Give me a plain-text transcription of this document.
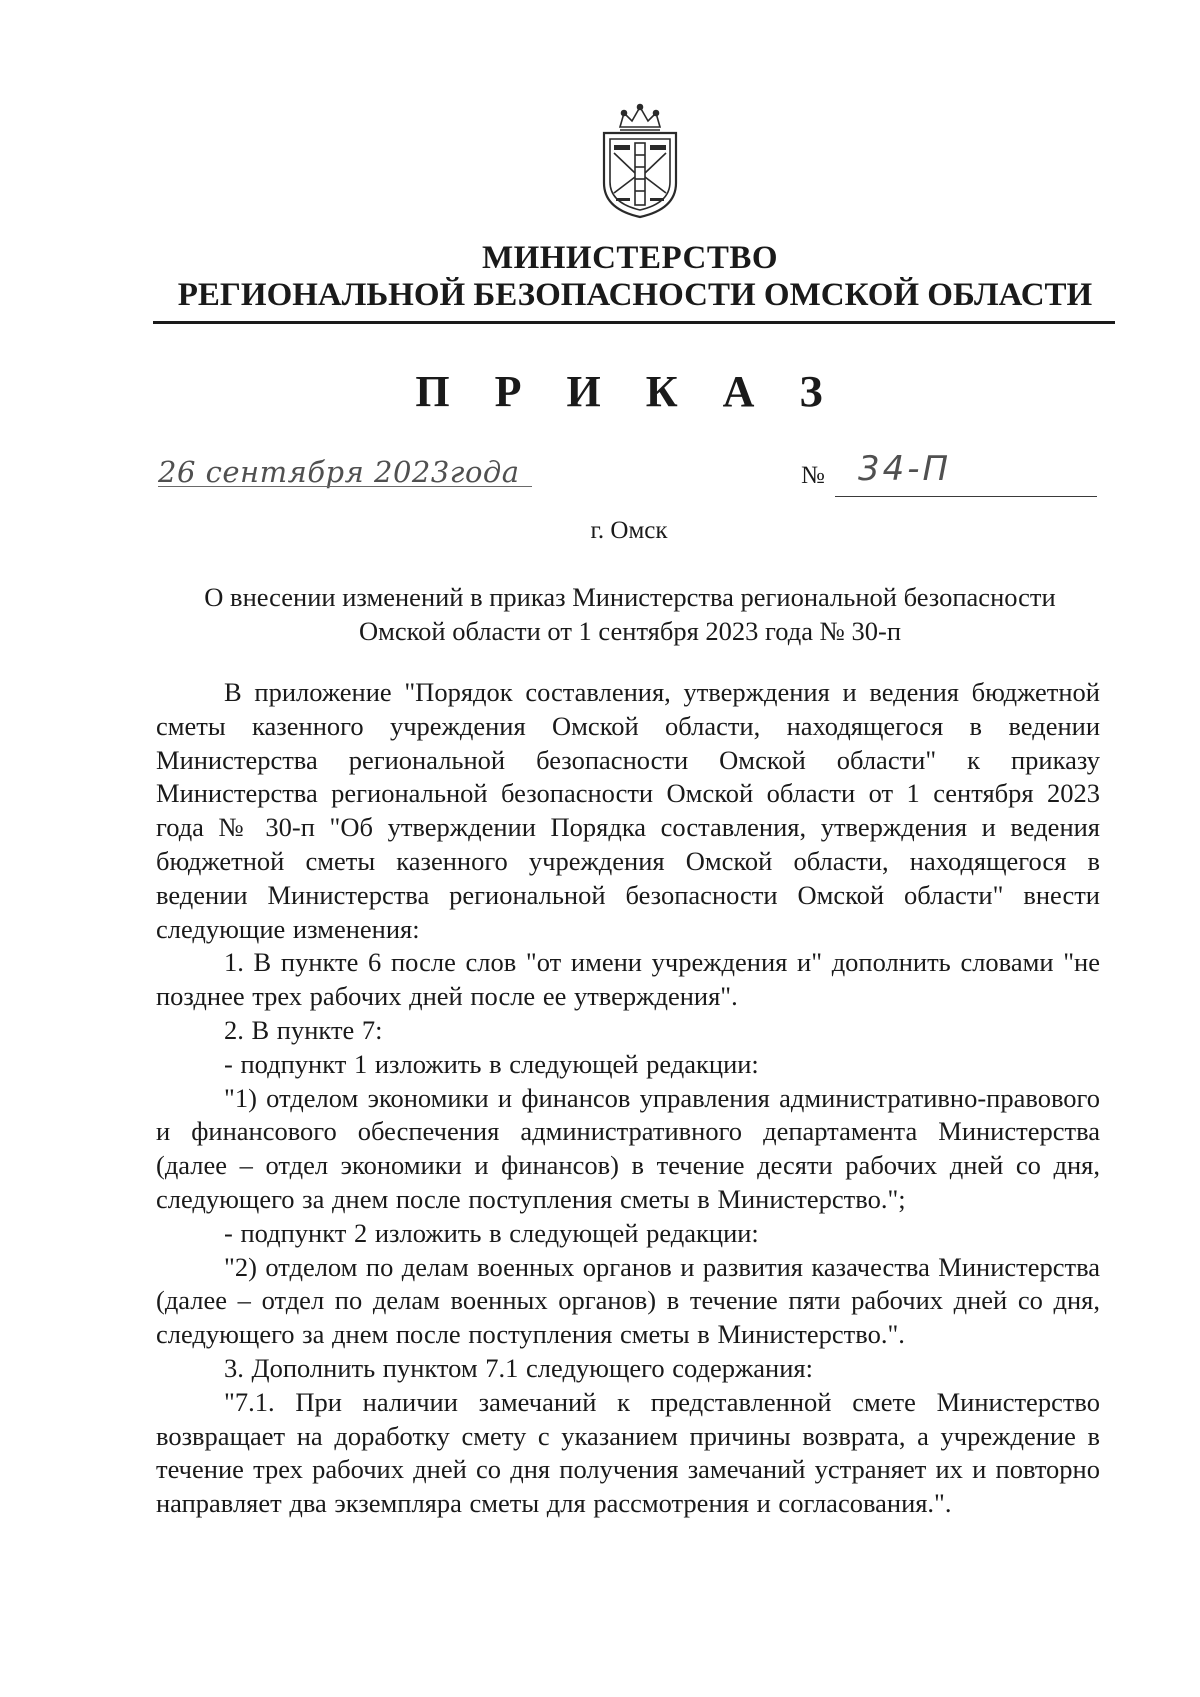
МИНИСТЕРСТВО
РЕГИОНАЛЬНОЙ БЕЗОПАСНОСТИ ОМСКОЙ ОБЛАСТИ
П Р И К А З
26 сентября 2023года	№ 34-П
г. Омск
О внесении изменений в приказ Министерства региональной безопасности
Омской области от 1 сентября 2023 года № 30-п

В приложение "Порядок составления, утверждения и ведения бюджетной сметы казенного учреждения Омской области, находящегося в ведении Министерства региональной безопасности Омской области" к приказу Министерства региональной безопасности Омской области от 1 сентября 2023 года № 30-п "Об утверждении Порядка составления, утверждения и ведения бюджетной сметы казенного учреждения Омской области, находящегося в ведении Министерства региональной безопасности Омской области" внести следующие изменения:

1. В пункте 6 после слов "от имени учреждения и" дополнить словами "не позднее трех рабочих дней после ее утверждения".

2. В пункте 7:

- подпункт 1 изложить в следующей редакции:

"1) отделом экономики и финансов управления административно-правового и финансового обеспечения административного департамента Министерства (далее – отдел экономики и финансов) в течение десяти рабочих дней со дня, следующего за днем после поступления сметы в Министерство.";

- подпункт 2 изложить в следующей редакции:

"2) отделом по делам военных органов и развития казачества Министерства (далее – отдел по делам военных органов) в течение пяти рабочих дней со дня, следующего за днем после поступления сметы в Министерство.".

3. Дополнить пунктом 7.1 следующего содержания:

"7.1. При наличии замечаний к представленной смете Министерство возвращает на доработку смету с указанием причины возврата, а учреждение в течение трех рабочих дней со дня получения замечаний устраняет их и повторно направляет два экземпляра сметы для рассмотрения и согласования.".
